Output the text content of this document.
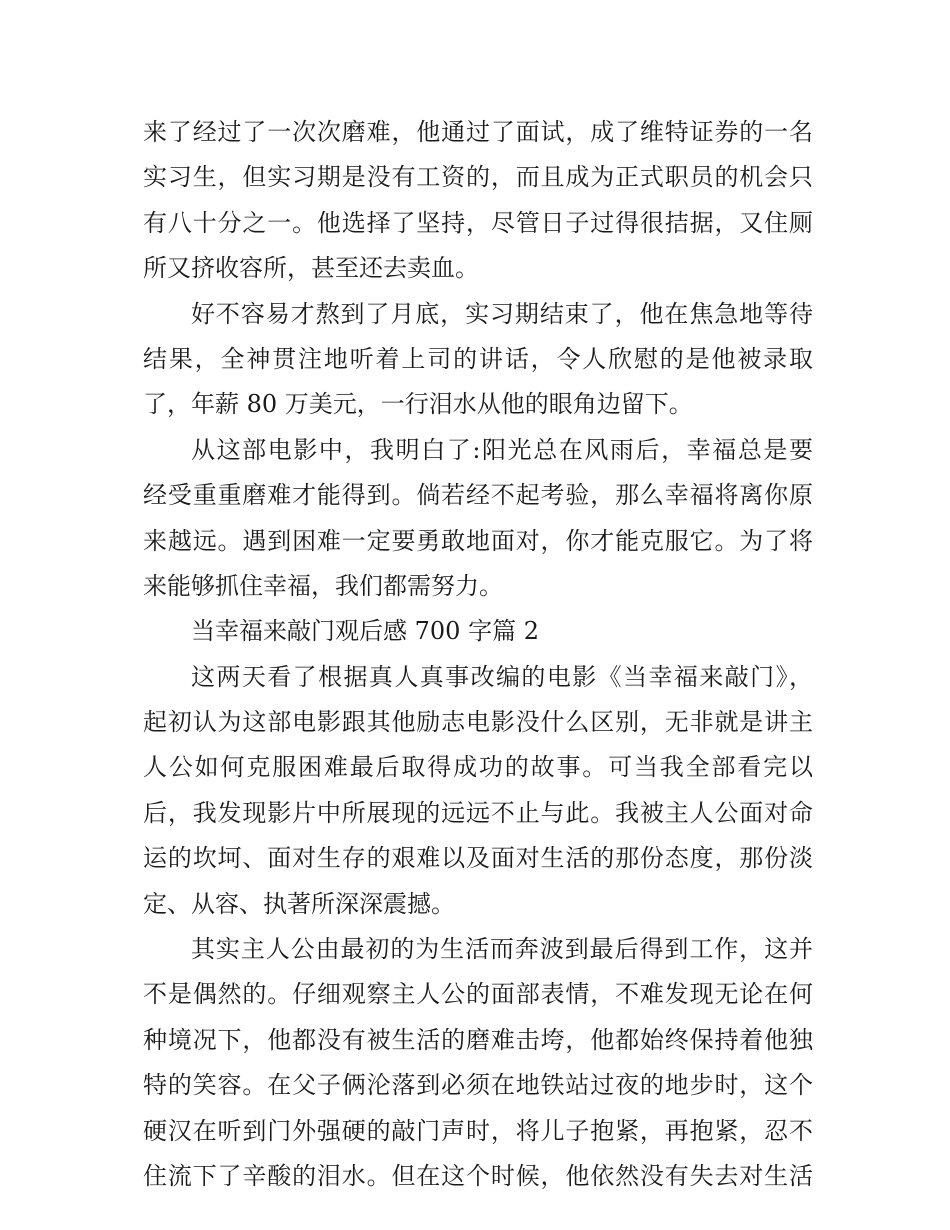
来了经过了一次次磨难，他通过了面试，成了维特证券的一名
实习生，但实习期是没有工资的，而且成为正式职员的机会只
有八十分之一。他选择了坚持，尽管日子过得很拮据，又住厕
所又挤收容所，甚至还去卖血。
好不容易才熬到了月底，实习期结束了，他在焦急地等待
结果，全神贯注地听着上司的讲话，令人欣慰的是他被录取
了，年薪 80 万美元，一行泪水从他的眼角边留下。
从这部电影中，我明白了:阳光总在风雨后，幸福总是要
经受重重磨难才能得到。倘若经不起考验，那么幸福将离你原
来越远。遇到困难一定要勇敢地面对，你才能克服它。为了将
来能够抓住幸福，我们都需努力。
当幸福来敲门观后感 700 字篇 2
这两天看了根据真人真事改编的电影《当幸福来敲门》，
起初认为这部电影跟其他励志电影没什么区别，无非就是讲主
人公如何克服困难最后取得成功的故事。可当我全部看完以
后，我发现影片中所展现的远远不止与此。我被主人公面对命
运的坎坷、面对生存的艰难以及面对生活的那份态度，那份淡
定、从容、执著所深深震撼。
其实主人公由最初的为生活而奔波到最后得到工作，这并
不是偶然的。仔细观察主人公的面部表情，不难发现无论在何
种境况下，他都没有被生活的磨难击垮，他都始终保持着他独
特的笑容。在父子俩沦落到必须在地铁站过夜的地步时，这个
硬汉在听到门外强硬的敲门声时，将儿子抱紧，再抱紧，忍不
住流下了辛酸的泪水。但在这个时候，他依然没有失去对生活
